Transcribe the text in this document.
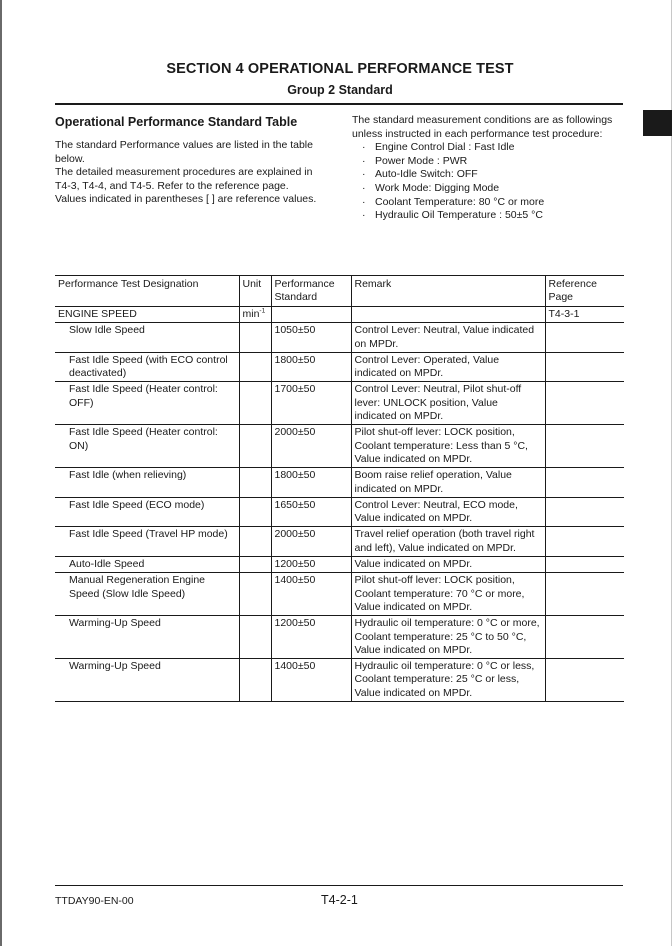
SECTION 4 OPERATIONAL PERFORMANCE TEST
Group 2 Standard
Operational Performance Standard Table

The standard Performance values are listed in the table

below.

The detailed measurement procedures are explained in

T4-3, T4-4, and T4-5. Refer to the reference page.

Values indicated in parentheses [ ] are reference values.

The standard measurement conditions are as followings
unless instructed in each performance test procedure:
· Engine Control Dial : Fast Idle
· Power Mode : PWR
· Auto-Idle Switch: OFF
· Work Mode: Digging Mode
· Coolant Temperature: 80 °C or more
· Hydraulic Oil Temperature : 50±5 °C
Performance Test Designation	Unit	Performance Standard	Remark	Reference Page
ENGINE SPEED	$\min^{-1}$			T4-3-1
Slow Idle Speed		1050±50	Control Lever: Neutral, Value indicated on MPDr.	
Fast Idle Speed (with ECO control deactivated)		1800±50	Control Lever: Operated, Value indicated on MPDr.	
Fast Idle Speed (Heater control: OFF)		1700±50	Control Lever: Neutral, Pilot shut-off lever: UNLOCK position, Value indicated on MPDr.	
Fast Idle Speed (Heater control: ON)		2000±50	Pilot shut-off lever: LOCK position, Coolant temperature: Less than 5 °C, Value indicated on MPDr.	
Fast Idle (when relieving)		1800±50	Boom raise relief operation, Value indicated on MPDr.	
Fast Idle Speed (ECO mode)		1650±50	Control Lever: Neutral, ECO mode, Value indicated on MPDr.	
Fast Idle Speed (Travel HP mode)		2000±50	Travel relief operation (both travel right and left), Value indicated on MPDr.	
Auto-Idle Speed		1200±50	Value indicated on MPDr.	
Manual Regeneration Engine Speed (Slow Idle Speed)		1400±50	Pilot shut-off lever: LOCK position, Coolant temperature: 70 °C or more, Value indicated on MPDr.	
Warming-Up Speed		1200±50	Hydraulic oil temperature: 0 °C or more, Coolant temperature: 25 °C to 50 °C, Value indicated on MPDr.	
Warming-Up Speed		1400±50	Hydraulic oil temperature: 0 °C or less, Coolant temperature: 25 °C or less, Value indicated on MPDr.	
TTDAY90-EN-00	T4-2-1
